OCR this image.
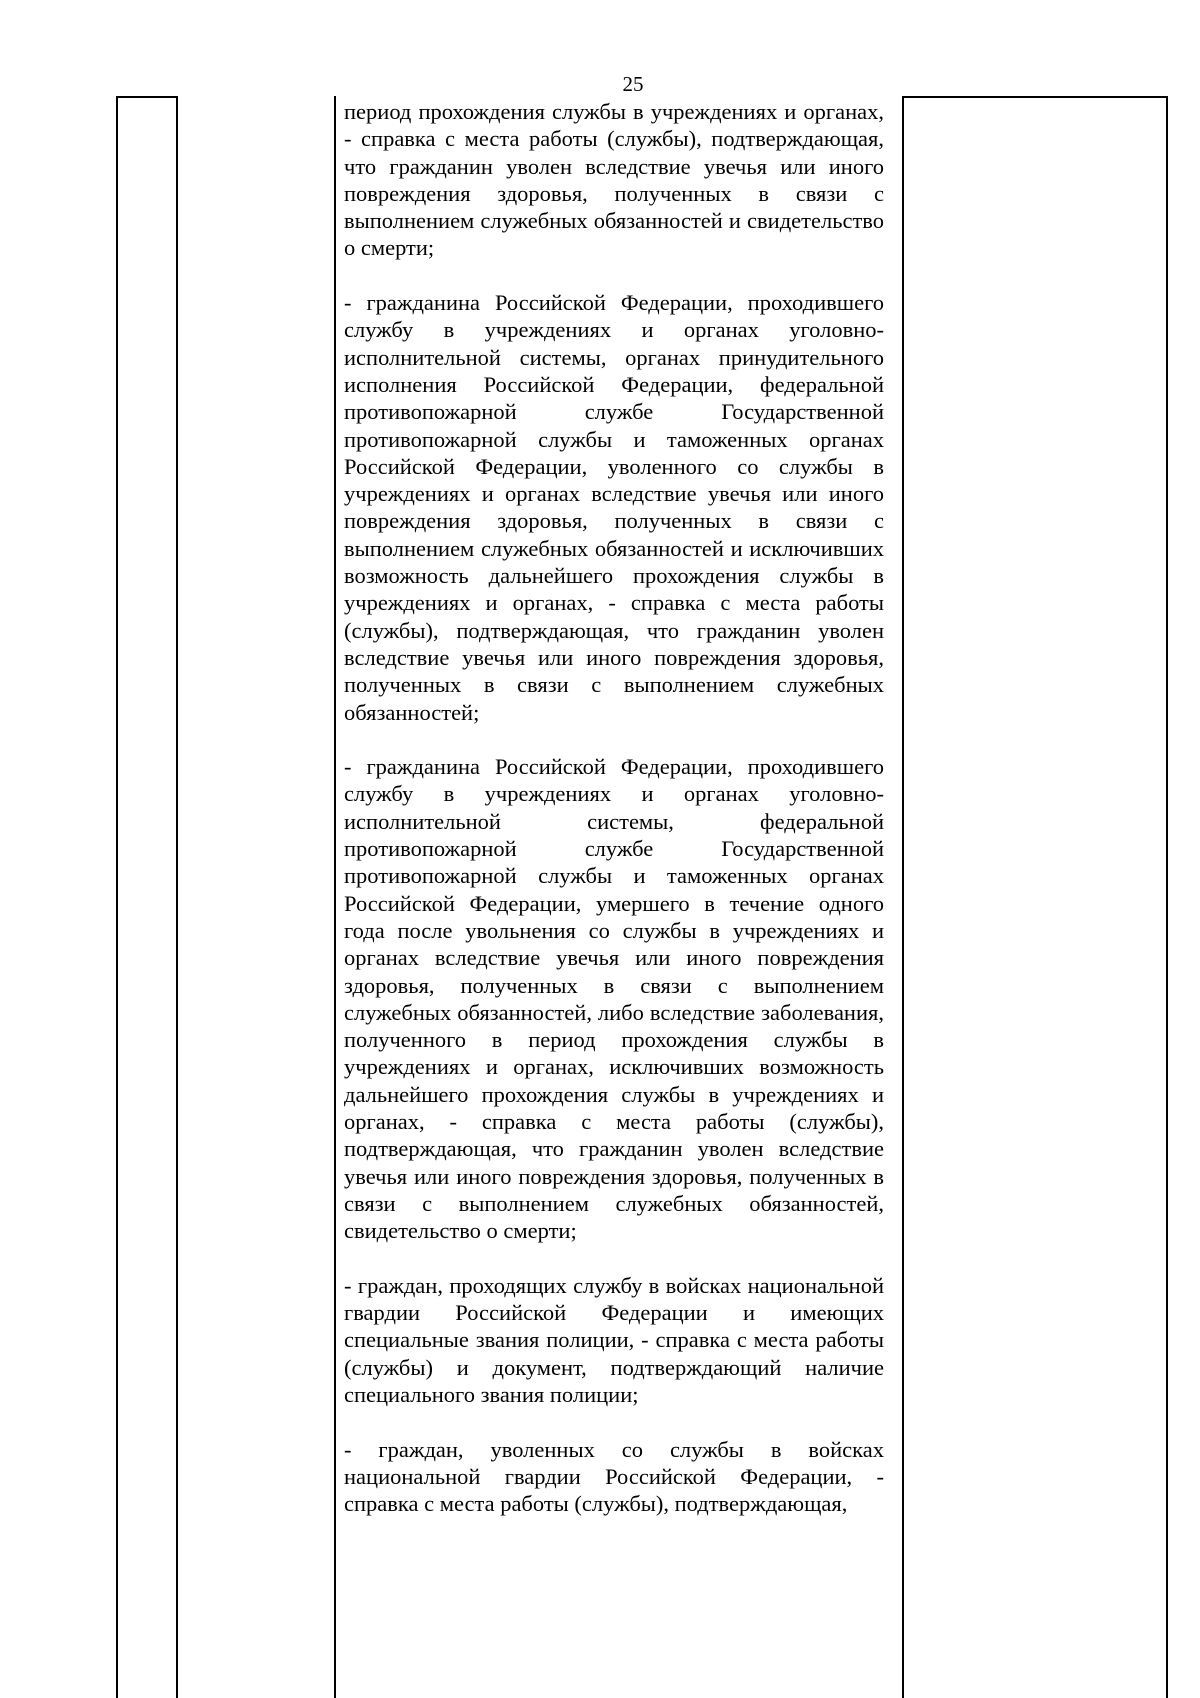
25

период прохождения службы в учреждениях и органах, - справка с места работы (службы), подтверждающая, что гражданин уволен вследствие увечья или иного повреждения здоровья, полученных в связи с выполнением служебных обязанностей и свидетельство о смерти;

- гражданина Российской Федерации, проходившего службу в учреждениях и органах уголовно-исполнительной системы, органах принудительного исполнения Российской Федерации, федеральной противопожарной службе Государственной противопожарной службы и таможенных органах Российской Федерации, уволенного со службы в учреждениях и органах вследствие увечья или иного повреждения здоровья, полученных в связи с выполнением служебных обязанностей и исключивших возможность дальнейшего прохождения службы в учреждениях и органах, - справка с места работы (службы), подтверждающая, что гражданин уволен вследствие увечья или иного повреждения здоровья, полученных в связи с выполнением служебных обязанностей;

- гражданина Российской Федерации, проходившего службу в учреждениях и органах уголовно-исполнительной системы, федеральной противопожарной службе Государственной противопожарной службы и таможенных органах Российской Федерации, умершего в течение одного года после увольнения со службы в учреждениях и органах вследствие увечья или иного повреждения здоровья, полученных в связи с выполнением служебных обязанностей, либо вследствие заболевания, полученного в период прохождения службы в учреждениях и органах, исключивших возможность дальнейшего прохождения службы в учреждениях и органах, - справка с места работы (службы), подтверждающая, что гражданин уволен вследствие увечья или иного повреждения здоровья, полученных в связи с выполнением служебных обязанностей, свидетельство о смерти;

- граждан, проходящих службу в войсках национальной гвардии Российской Федерации и имеющих специальные звания полиции, - справка с места работы (службы) и документ, подтверждающий наличие специального звания полиции;

- граждан, уволенных со службы в войсках национальной гвардии Российской Федерации, - справка с места работы (службы), подтверждающая,
